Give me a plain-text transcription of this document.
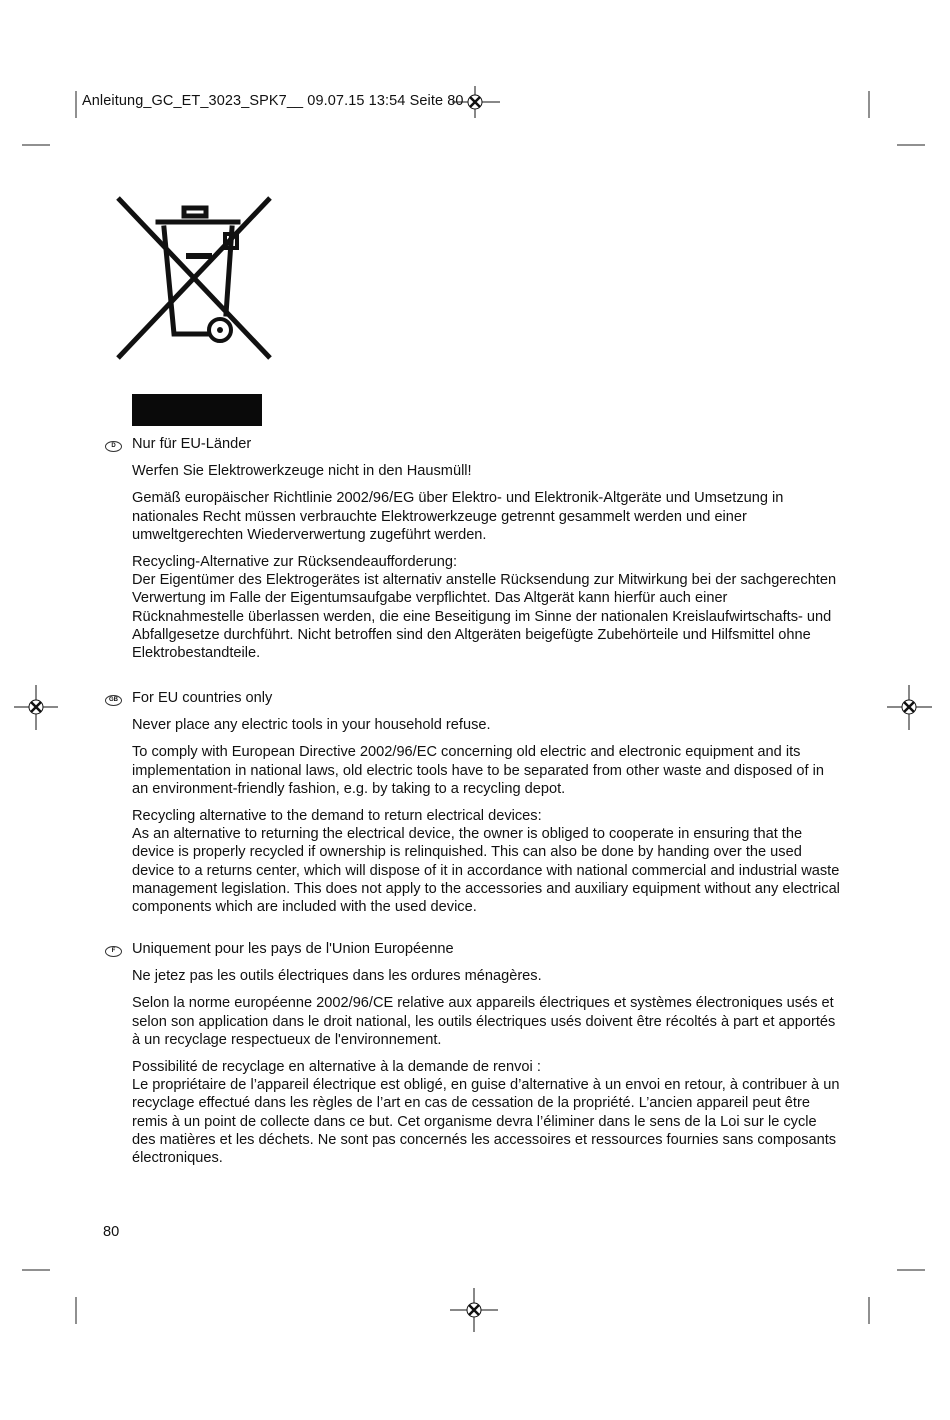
Anleitung_GC_ET_3023_SPK7__ 09.07.15 13:54 Seite 80
D	Nur für EU-Länder

Werfen Sie Elektrowerkzeuge nicht in den Hausmüll!

Gemäß europäischer Richtlinie 2002/96/EG über Elektro- und Elektronik-Altgeräte und Umsetzung in nationales Recht müssen verbrauchte Elektrowerkzeuge getrennt gesammelt werden und einer umweltgerechten Wiederverwertung zugeführt werden.

Recycling-Alternative zur Rücksendeaufforderung:
Der Eigentümer des Elektrogerätes ist alternativ anstelle Rücksendung zur Mitwirkung bei der sachgerechten Verwertung im Falle der Eigentumsaufgabe verpflichtet. Das Altgerät kann hierfür auch einer Rücknahmestelle überlassen werden, die eine Beseitigung im Sinne der nationalen Kreislaufwirtschafts- und Abfallgesetze durchführt. Nicht betroffen sind den Altgeräten beigefügte Zubehörteile und Hilfsmittel ohne Elektrobestandteile.

GB For EU countries only

Never place any electric tools in your household refuse.

To comply with European Directive 2002/96/EC concerning old electric and electronic equipment and its implementation in national laws, old electric tools have to be separated from other waste and disposed of in an environment-friendly fashion, e.g. by taking to a recycling depot.

Recycling alternative to the demand to return electrical devices:
As an alternative to returning the electrical device, the owner is obliged to cooperate in ensuring that the device is properly recycled if ownership is relinquished. This can also be done by handing over the used device to a returns center, which will dispose of it in accordance with national commercial and industrial waste management legislation. This does not apply to the accessories and auxiliary equipment without any electrical components which are included with the used device.

F	Uniquement pour les pays de l'Union Européenne

Ne jetez pas les outils électriques dans les ordures ménagères.

Selon la norme européenne 2002/96/CE relative aux appareils électriques et systèmes électroniques usés et selon son application dans le droit national, les outils électriques usés doivent être récoltés à part et apportés à un recyclage respectueux de l'environnement.

Possibilité de recyclage en alternative à la demande de renvoi :
Le propriétaire de l’appareil électrique est obligé, en guise d’alternative à un envoi en retour, à contribuer à un recyclage effectué dans les règles de l’art en cas de cessation de la propriété. L’ancien appareil peut être remis à un point de collecte dans ce but. Cet organisme devra l’éliminer dans le sens de la Loi sur le cycle des matières et les déchets. Ne sont pas concernés les accessoires et ressources fournies sans composants électroniques.

80
